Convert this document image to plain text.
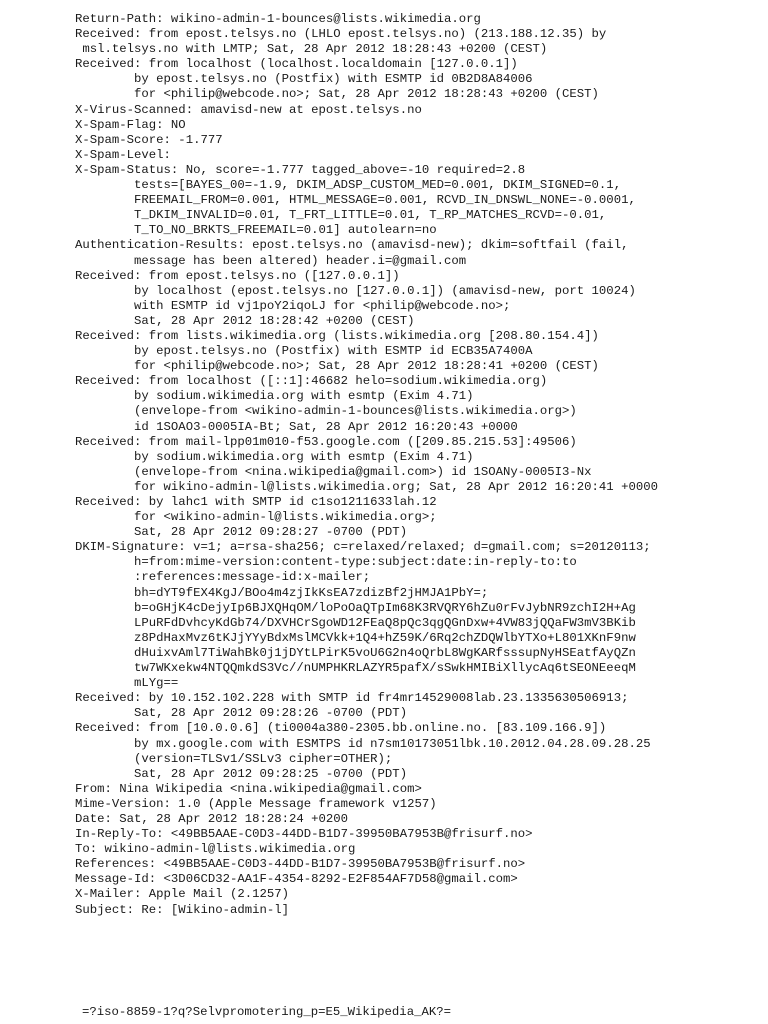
Return-Path: wikino-admin-1-bounces@lists.wikimedia.org
Received: from epost.telsys.no (LHLO epost.telsys.no) (213.188.12.35) by
msl.telsys.no with LMTP; Sat, 28 Apr 2012 18:28:43 +0200 (CEST)
Received: from localhost (localhost.localdomain [127.0.0.1])
by epost.telsys.no (Postfix) with ESMTP id 0B2D8A84006
for <philip@webcode.no>; Sat, 28 Apr 2012 18:28:43 +0200 (CEST)
X-Virus-Scanned: amavisd-new at epost.telsys.no
X-Spam-Flag: NO
X-Spam-Score: -1.777
X-Spam-Level:
X-Spam-Status: No, score=-1.777 tagged_above=-10 required=2.8
tests=[BAYES_00=-1.9, DKIM_ADSP_CUSTOM_MED=0.001, DKIM_SIGNED=0.1,
FREEMAIL_FROM=0.001, HTML_MESSAGE=0.001, RCVD_IN_DNSWL_NONE=-0.0001,
T_DKIM_INVALID=0.01, T_FRT_LITTLE=0.01, T_RP_MATCHES_RCVD=-0.01,
T_TO_NO_BRKTS_FREEMAIL=0.01] autolearn=no
Authentication-Results: epost.telsys.no (amavisd-new); dkim=softfail (fail,
message has been altered) header.i=@gmail.com
Received: from epost.telsys.no ([127.0.0.1])
by localhost (epost.telsys.no [127.0.0.1]) (amavisd-new, port 10024)
with ESMTP id vj1poY2iqoLJ for <philip@webcode.no>;
Sat, 28 Apr 2012 18:28:42 +0200 (CEST)
Received: from lists.wikimedia.org (lists.wikimedia.org [208.80.154.4])
by epost.telsys.no (Postfix) with ESMTP id ECB35A7400A
for <philip@webcode.no>; Sat, 28 Apr 2012 18:28:41 +0200 (CEST)
Received: from localhost ([::1]:46682 helo=sodium.wikimedia.org)
by sodium.wikimedia.org with esmtp (Exim 4.71)
(envelope-from <wikino-admin-1-bounces@lists.wikimedia.org>)
id 1SOAO3-0005IA-Bt; Sat, 28 Apr 2012 16:20:43 +0000
Received: from mail-lpp01m010-f53.google.com ([209.85.215.53]:49506)
by sodium.wikimedia.org with esmtp (Exim 4.71)
(envelope-from <nina.wikipedia@gmail.com>) id 1SOANy-0005I3-Nx
for wikino-admin-l@lists.wikimedia.org; Sat, 28 Apr 2012 16:20:41 +0000
Received: by lahc1 with SMTP id c1so1211633lah.12
for <wikino-admin-l@lists.wikimedia.org>;
Sat, 28 Apr 2012 09:28:27 -0700 (PDT)
DKIM-Signature: v=1; a=rsa-sha256; c=relaxed/relaxed; d=gmail.com; s=20120113;
h=from:mime-version:content-type:subject:date:in-reply-to:to
:references:message-id:x-mailer;
bh=dYT9fEX4KgJ/BOo4m4zjIkKsEA7zdizBf2jHMJA1PbY=;
b=oGHjK4cDejyIp6BJXQHqOM/loPoOaQTpIm68K3RVQRY6hZu0rFvJybNR9zchI2H+Ag
LPuRFdDvhcyKdGb74/DXVHCrSgoWD12FEaQ8pQc3qgQGnDxw+4VW83jQQaFW3mV3BKib
z8PdHaxMvz6tKJjYYyBdxMslMCVkk+1Q4+hZ59K/6Rq2chZDQWlbYTXo+L801XKnF9nw
dHuixvAml7TiWahBk0j1jDYtLPirK5voU6G2n4oQrbL8WgKARfsssupNyHSEatfAyQZn
tw7WKxekw4NTQQmkdS3Vc//nUMPHKRLAZYR5pafX/sSwkHMIBiXllycAq6tSEONEeeqM
mLYg==
Received: by 10.152.102.228 with SMTP id fr4mr14529008lab.23.1335630506913;
Sat, 28 Apr 2012 09:28:26 -0700 (PDT)
Received: from [10.0.0.6] (ti0004a380-2305.bb.online.no. [83.109.166.9])
by mx.google.com with ESMTPS id n7sm10173051lbk.10.2012.04.28.09.28.25
(version=TLSv1/SSLv3 cipher=OTHER);
Sat, 28 Apr 2012 09:28:25 -0700 (PDT)
From: Nina Wikipedia <nina.wikipedia@gmail.com>
Mime-Version: 1.0 (Apple Message framework v1257)
Date: Sat, 28 Apr 2012 18:28:24 +0200
In-Reply-To: <49BB5AAE-C0D3-44DD-B1D7-39950BA7953B@frisurf.no>
To: wikino-admin-l@lists.wikimedia.org
References: <49BB5AAE-C0D3-44DD-B1D7-39950BA7953B@frisurf.no>
Message-Id: <3D06CD32-AA1F-4354-8292-E2F854AF7D58@gmail.com>
X-Mailer: Apple Mail (2.1257)
Subject: Re: [Wikino-admin-l]
=?iso-8859-1?q?Selvpromotering_p=E5_Wikipedia_AK?=
